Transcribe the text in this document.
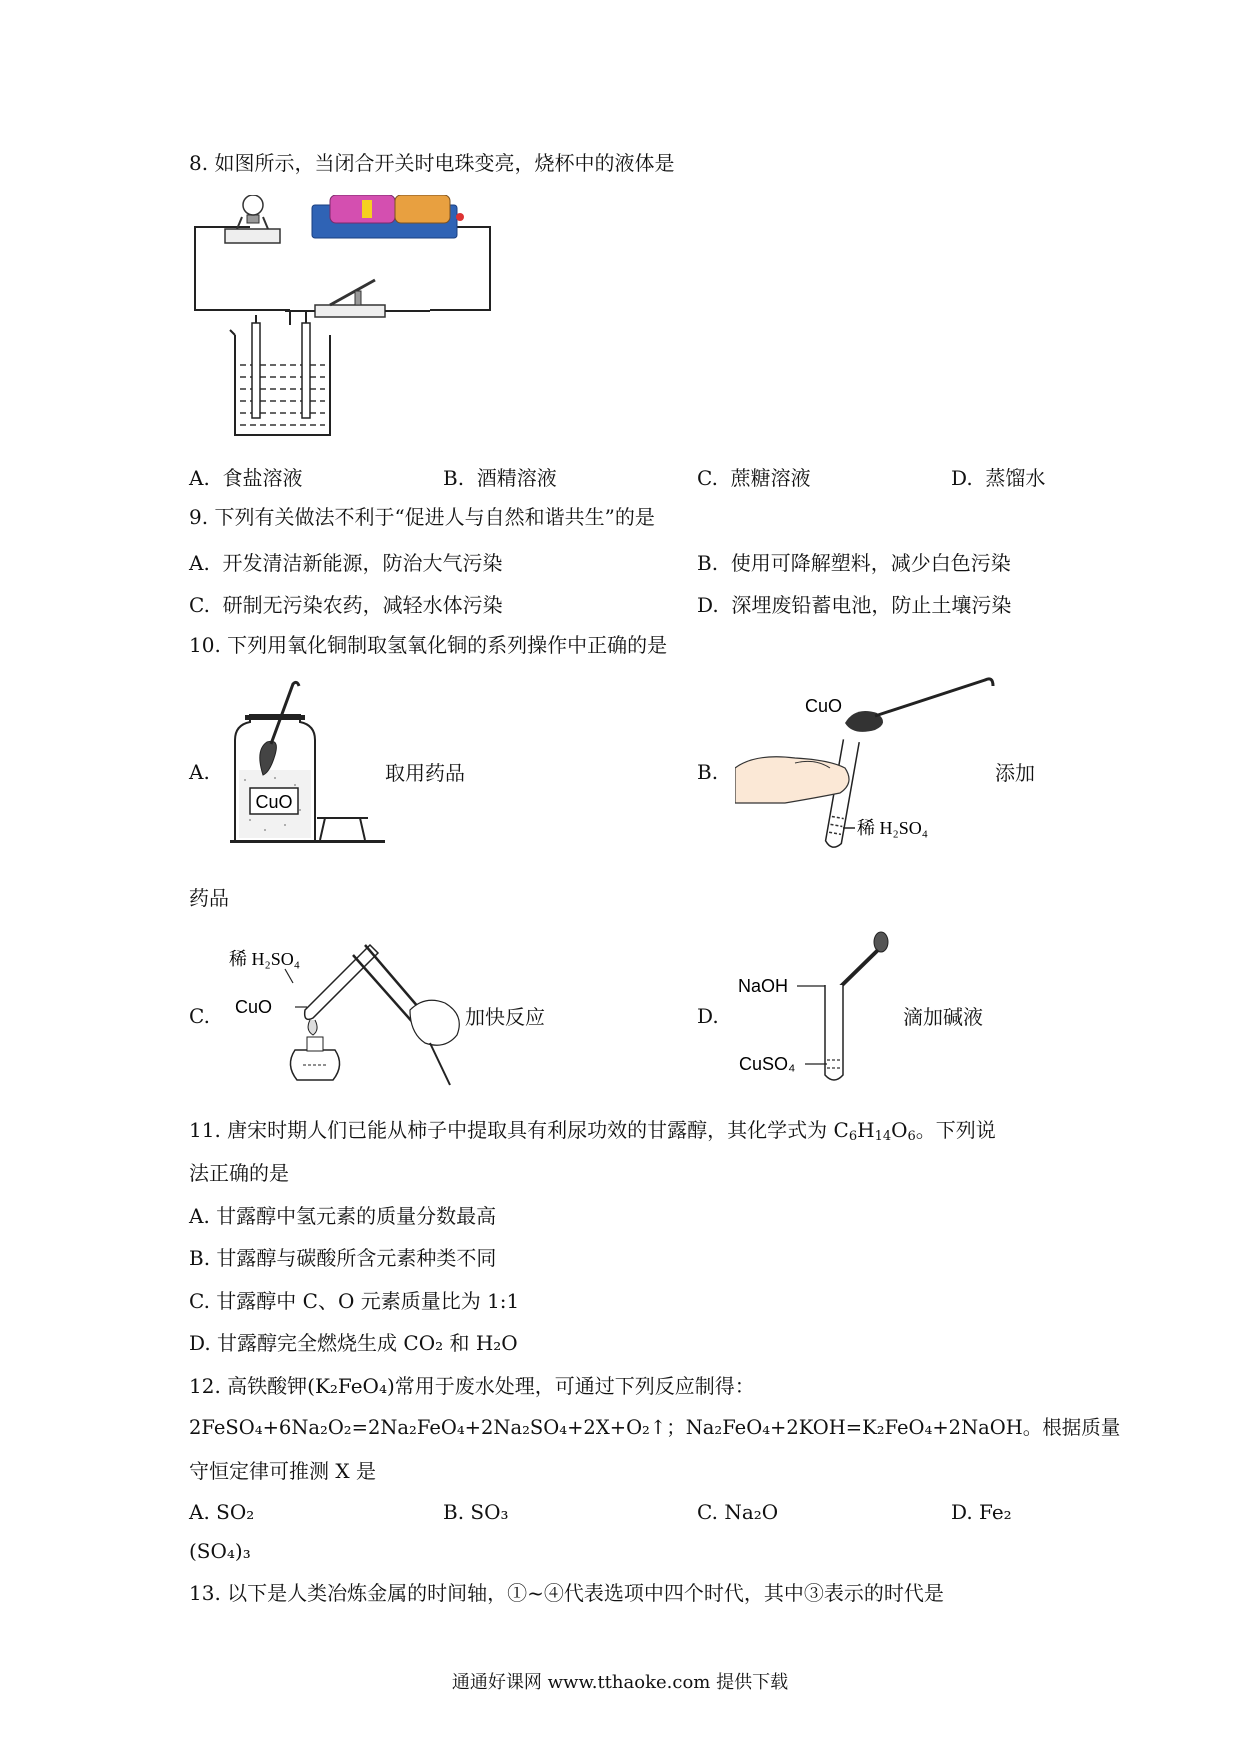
8. 如图所示，当闭合开关时电珠变亮，烧杯中的液体是
A. 食盐溶液	B. 酒精溶液	C. 蔗糖溶液	D. 蒸馏水
9. 下列有关做法不利于“促进人与自然和谐共生”的是
A. 开发清洁新能源，防治大气污染	B. 使用可降解塑料，减少白色污染
C. 研制无污染农药，减轻水体污染	D. 深埋废铅蓄电池，防止土壤污染
10. 下列用氧化铜制取氢氧化铜的系列操作中正确的是
A.
CuO
取用药品	B.
CuO
稀 H₂SO₄
添加
药品
C.
稀 H₂SO₄
CuO	加快反应	D.
NaOH
CuSO₄
滴加碱液
11. 唐宋时期人们已能从柿子中提取具有利尿功效的甘露醇，其化学式为 $C_6H_{14}O_6$。下列说
法正确的是
A. 甘露醇中氢元素的质量分数最高
B. 甘露醇与碳酸所含元素种类不同
C. 甘露醇中 C、O 元素质量比为 1:1
D. 甘露醇完全燃烧生成 CO₂ 和 H₂O
12. 高铁酸钾(K₂FeO₄)常用于废水处理，可通过下列反应制得：
2FeSO₄+6Na₂O₂=2Na₂FeO₄+2Na₂SO₄+2X+O₂↑；Na₂FeO₄+2KOH=K₂FeO₄+2NaOH。根据质量
守恒定律可推测 X 是
A. SO₂	B. SO₃	C. Na₂O	D. Fe₂
(SO₄)₃
13. 以下是人类冶炼金属的时间轴，①~④代表选项中四个时代，其中③表示的时代是
通通好课网 www.tthaoke.com 提供下载
